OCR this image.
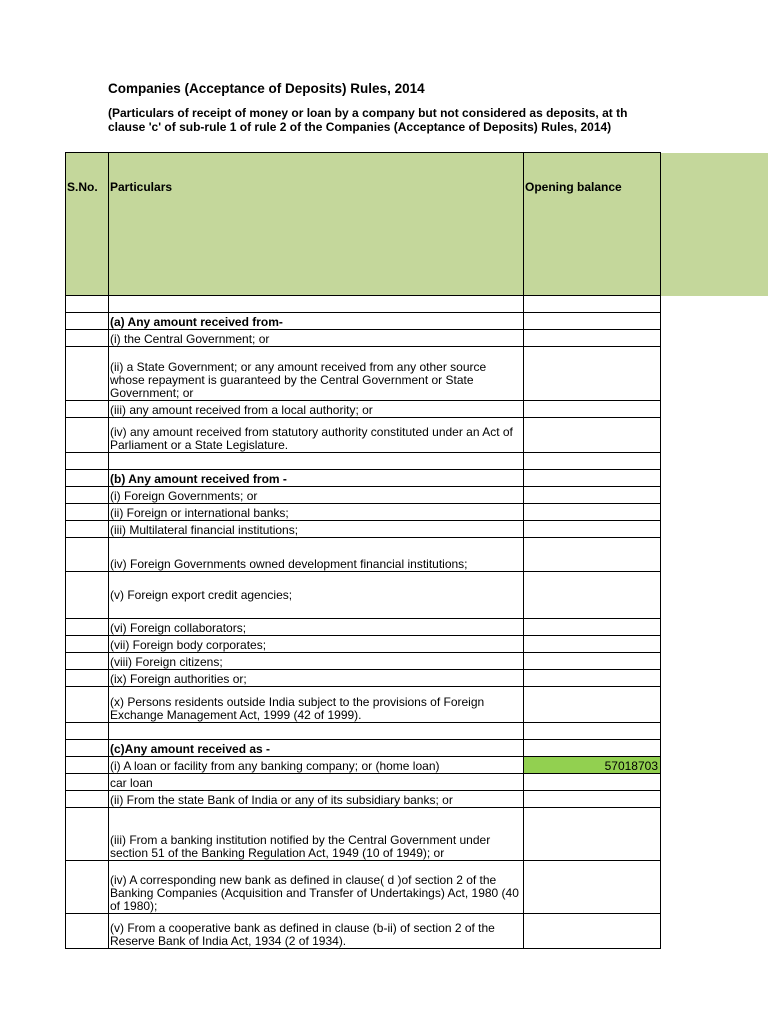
Companies (Acceptance of Deposits) Rules, 2014
(Particulars of receipt of money or loan by a company but not considered as deposits, at th
clause 'c' of sub-rule 1 of rule 2 of the Companies (Acceptance of Deposits) Rules, 2014)
S.No.	Particulars	Opening balance

	(a) Any amount received from-	
	(i) the Central Government; or	
	(ii) a State Government; or any amount received from any other source whose repayment is guaranteed by the Central Government or State Government; or	
	(iii) any amount received from a local authority; or	
	(iv) any amount received from statutory authority constituted under an Act of Parliament or a State Legislature.	

	(b) Any amount received from -	
	(i) Foreign Governments; or	
	(ii) Foreign or international banks;	
	(iii) Multilateral financial institutions;	
	(iv) Foreign Governments owned development financial institutions;	
	(v) Foreign export credit agencies;	
	(vi) Foreign collaborators;	
	(vii) Foreign body corporates;	
	(viii) Foreign citizens;	
	(ix) Foreign authorities or;	
	(x) Persons residents outside India subject to the provisions of Foreign Exchange Management Act, 1999 (42 of 1999).	

	(c)Any amount received as -	
	(i) A loan or facility from any banking company; or (home loan)	57018703
	car loan	
	(ii) From the state Bank of India or any of its subsidiary banks; or	
	(iii) From a banking institution notified by the Central Government under section 51 of the Banking Regulation Act, 1949 (10 of 1949); or	
	(iv) A corresponding new bank as defined in clause( d )of section 2 of the Banking Companies (Acquisition and Transfer of Undertakings) Act, 1980 (40 of 1980);	
	(v) From a cooperative bank as defined in clause (b-ii) of section 2 of the Reserve Bank of India Act, 1934 (2 of 1934).	
